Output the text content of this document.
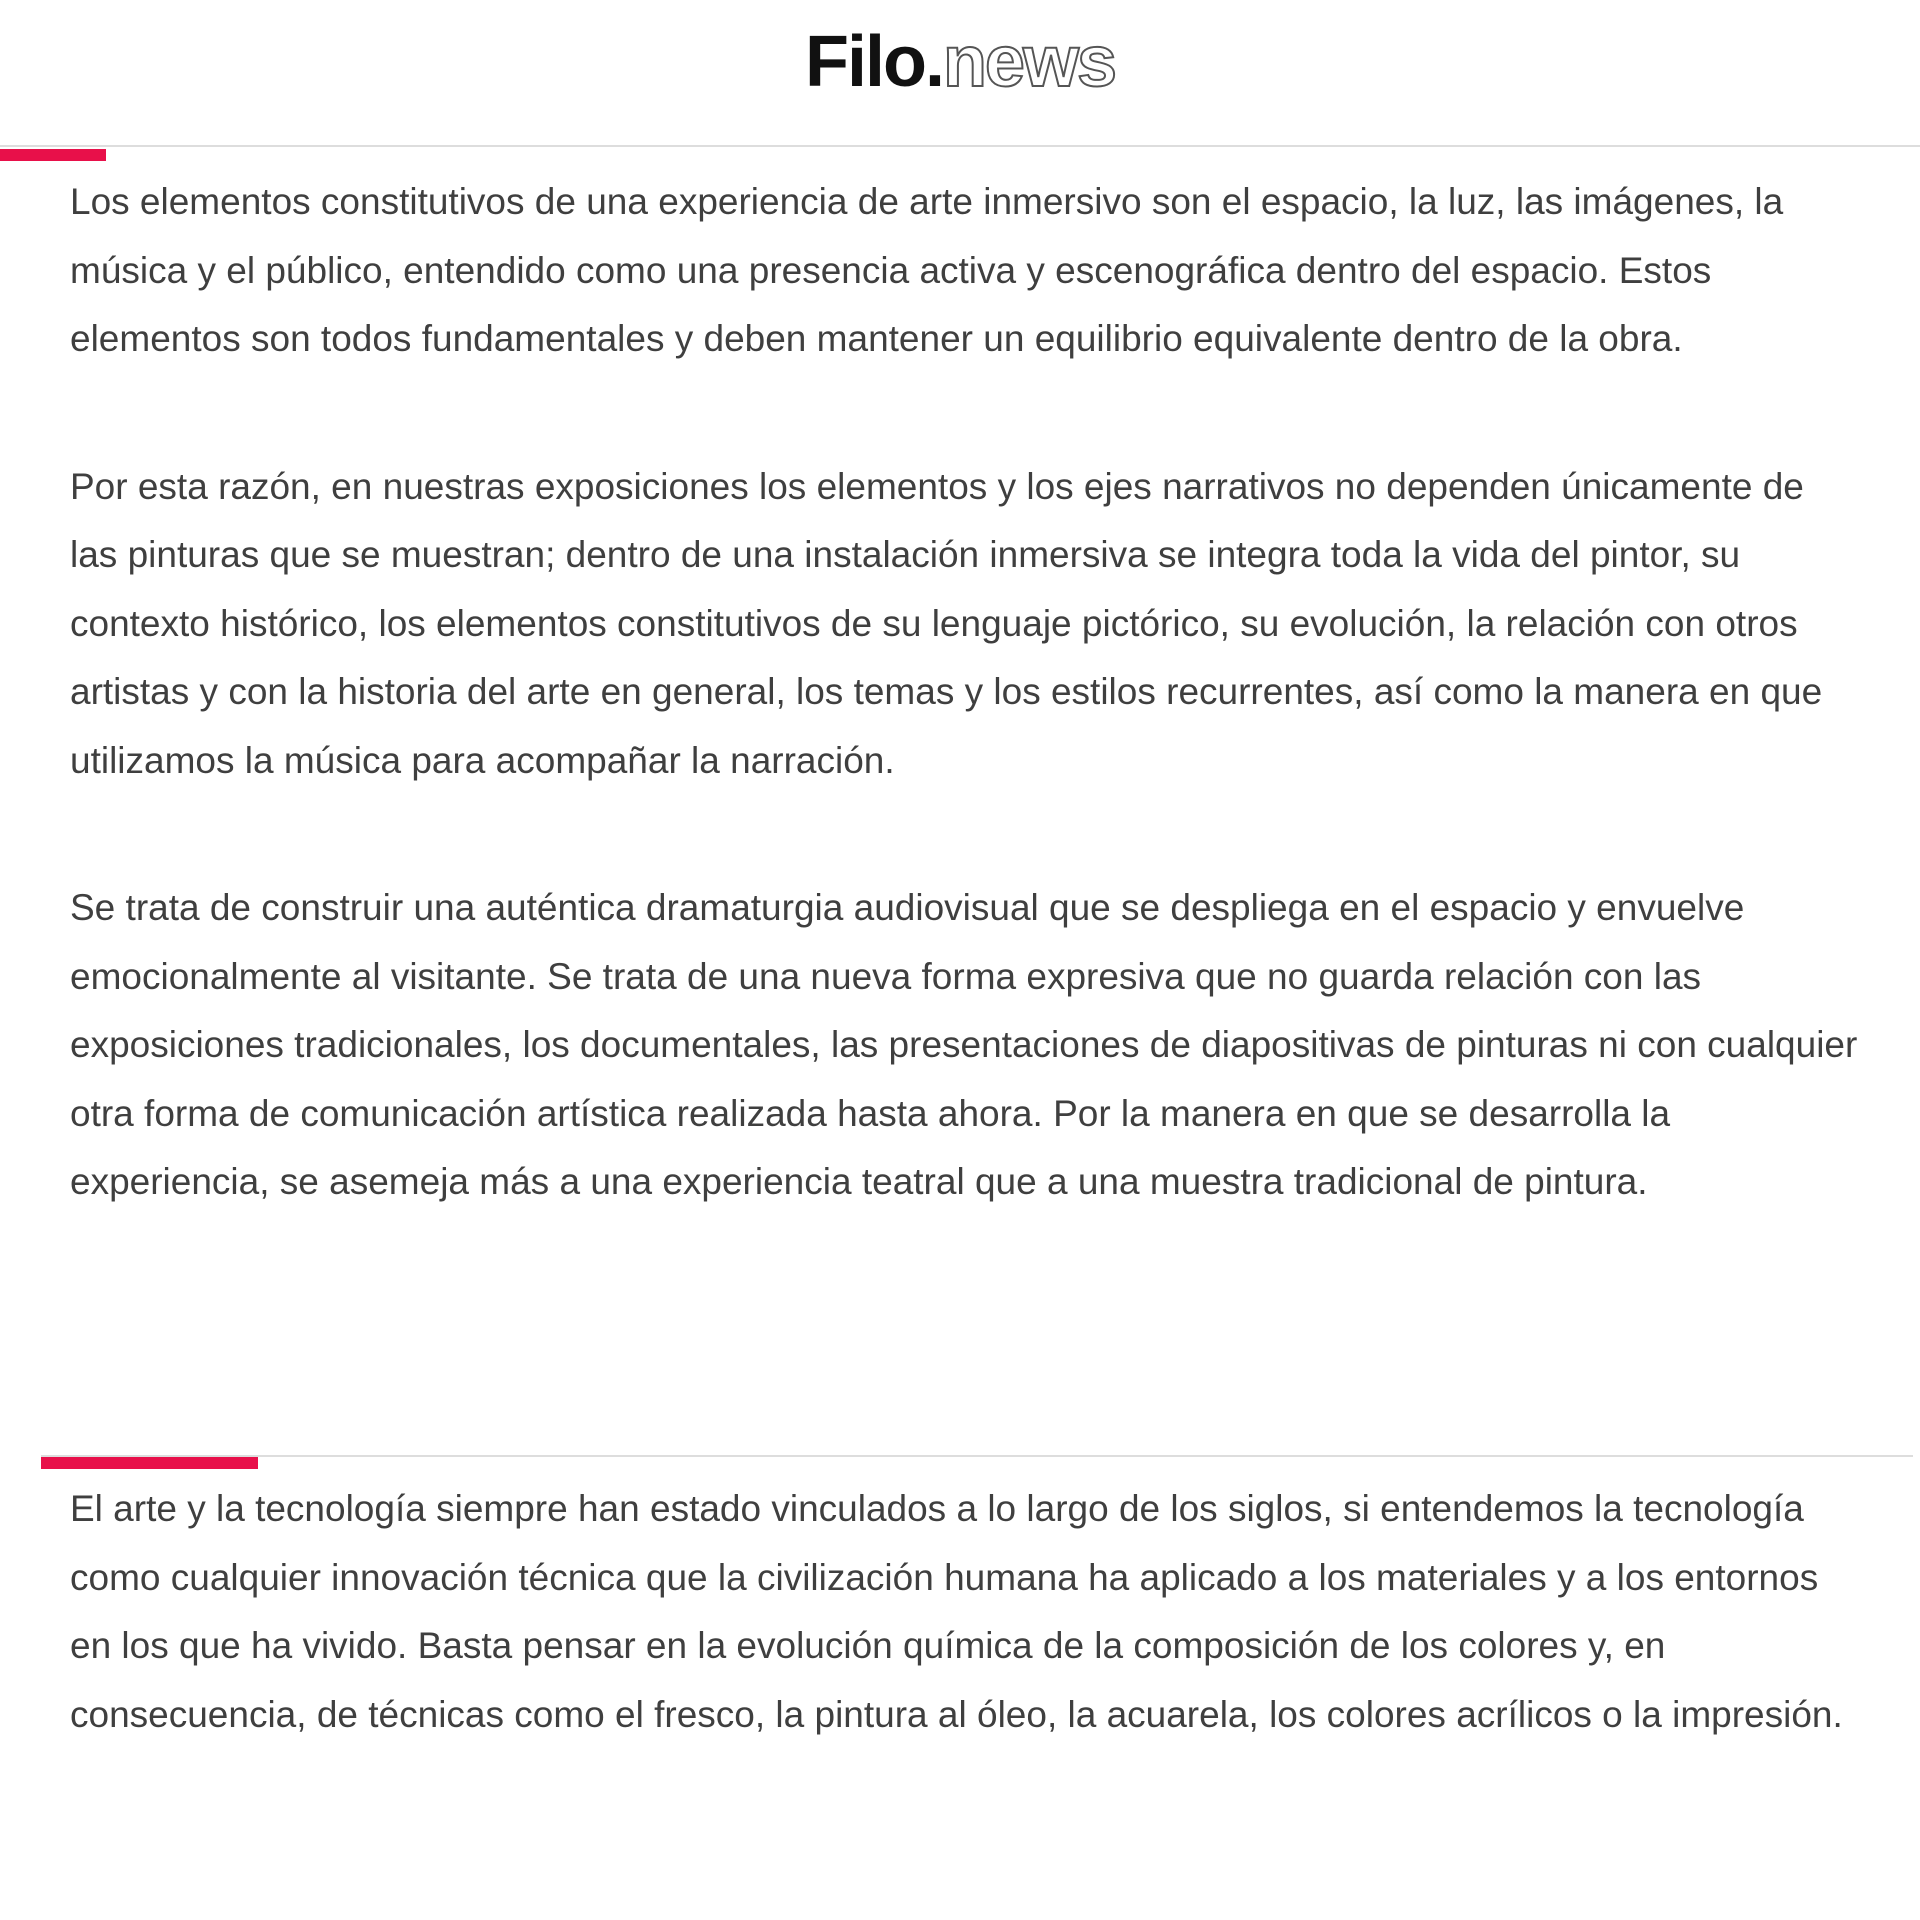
Filo.news

Los elementos constitutivos de una experiencia de arte inmersivo son el espacio, la luz, las imágenes, la música y el público, entendido como una presencia activa y escenográfica dentro del espacio. Estos elementos son todos fundamentales y deben mantener un equilibrio equivalente dentro de la obra.

Por esta razón, en nuestras exposiciones los elementos y los ejes narrativos no dependen únicamente de las pinturas que se muestran; dentro de una instalación inmersiva se integra toda la vida del pintor, su contexto histórico, los elementos constitutivos de su lenguaje pictórico, su evolución, la relación con otros artistas y con la historia del arte en general, los temas y los estilos recurrentes, así como la manera en que utilizamos la música para acompañar la narración.

Se trata de construir una auténtica dramaturgia audiovisual que se despliega en el espacio y envuelve emocionalmente al visitante. Se trata de una nueva forma expresiva que no guarda relación con las exposiciones tradicionales, los documentales, las presentaciones de diapositivas de pinturas ni con cualquier otra forma de comunicación artística realizada hasta ahora. Por la manera en que se desarrolla la experiencia, se asemeja más a una experiencia teatral que a una muestra tradicional de pintura.

El arte y la tecnología siempre han estado vinculados a lo largo de los siglos, si entendemos la tecnología como cualquier innovación técnica que la civilización humana ha aplicado a los materiales y a los entornos en los que ha vivido. Basta pensar en la evolución química de la composición de los colores y, en consecuencia, de técnicas como el fresco, la pintura al óleo, la acuarela, los colores acrílicos o la impresión.
